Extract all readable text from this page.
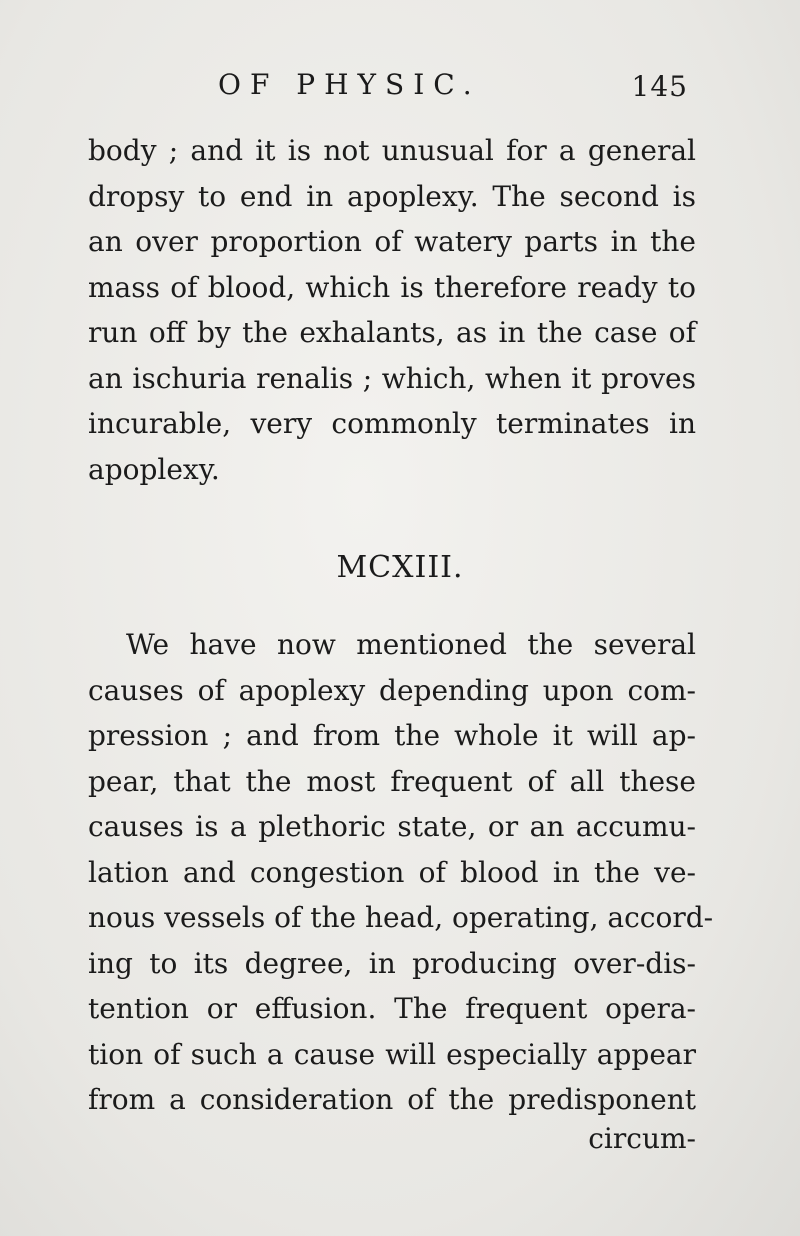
OF PHYSIC.	145
body ; and it is not unusual for a general
dropsy to end in apoplexy. The second is
an over proportion of watery parts in the
mass of blood, which is therefore ready to
run off by the exhalants, as in the case of
an ischuria renalis ; which, when it proves
incurable, very commonly terminates in
apoplexy.
MCXIII.
We have now mentioned the several
causes of apoplexy depending upon com-
pression ; and from the whole it will ap-
pear, that the most frequent of all these
causes is a plethoric state, or an accumu-
lation and congestion of blood in the ve-
nous vessels of the head, operating, accord-
ing to its degree, in producing over-dis-
tention or effusion. The frequent opera-
tion of such a cause will especially appear
from a consideration of the predisponent
circum-
